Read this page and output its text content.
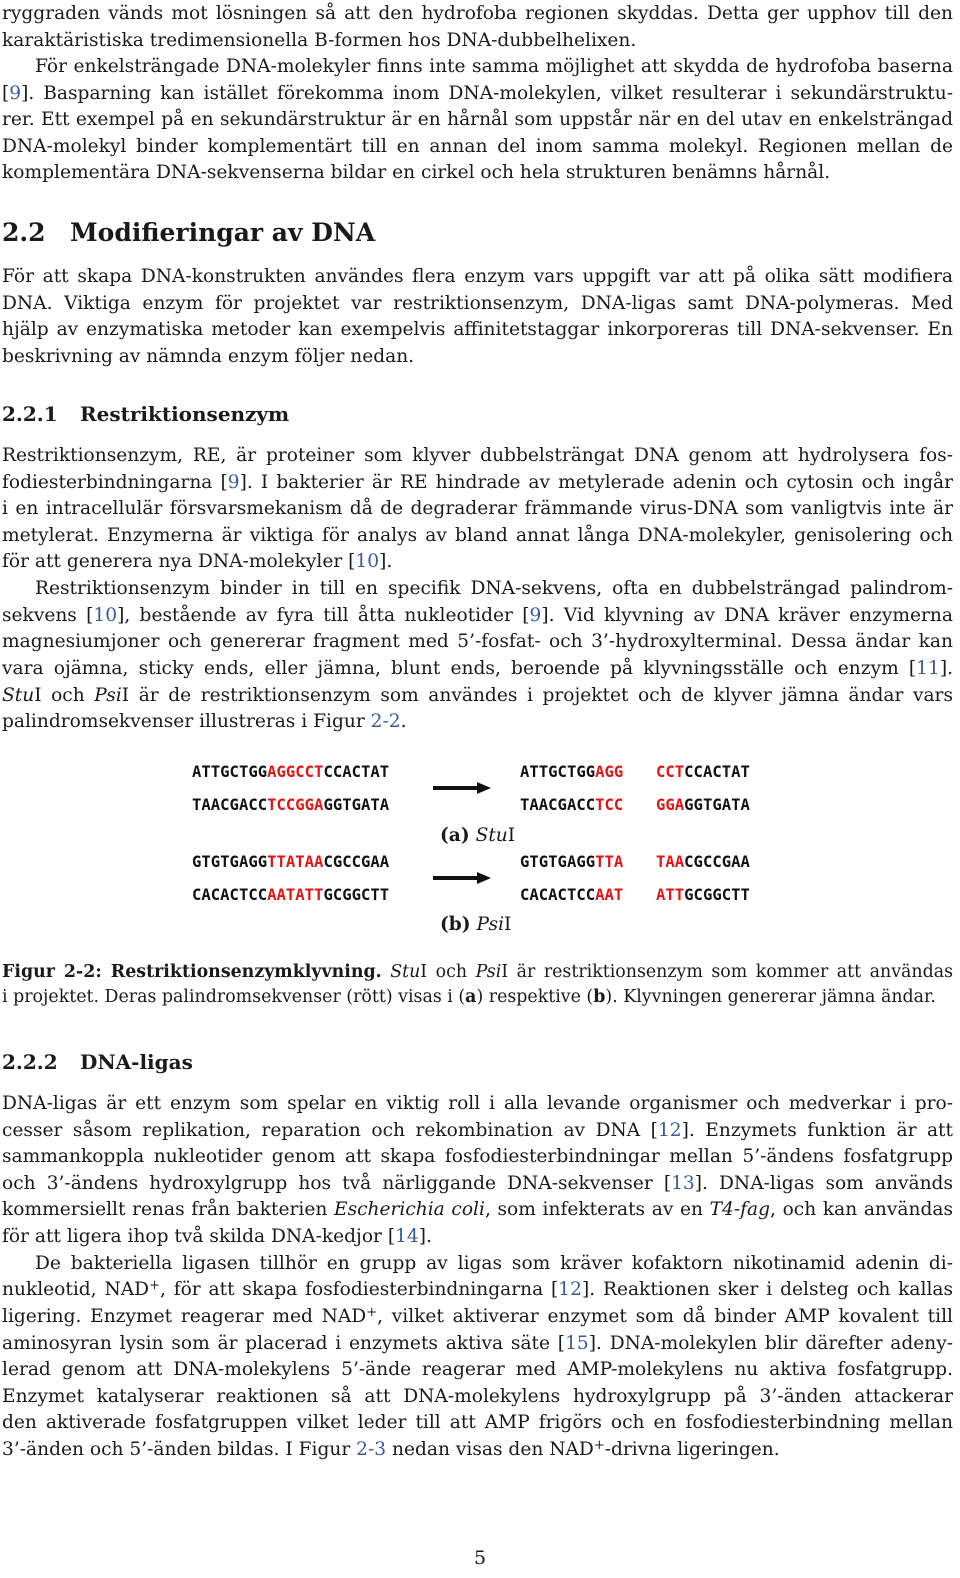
ryggraden vänds mot lösningen så att den hydrofoba regionen skyddas. Detta ger upphov till den
karaktäristiska tredimensionella B-formen hos DNA-dubbelhelixen.
För enkelsträngade DNA-molekyler finns inte samma möjlighet att skydda de hydrofoba baserna
[9]. Basparning kan istället förekomma inom DNA-molekylen, vilket resulterar i sekundärstruktu-
rer. Ett exempel på en sekundärstruktur är en hårnål som uppstår när en del utav en enkelsträngad
DNA-molekyl binder komplementärt till en annan del inom samma molekyl. Regionen mellan de
komplementära DNA-sekvenserna bildar en cirkel och hela strukturen benämns hårnål.
2.2 Modifieringar av DNA
För att skapa DNA-konstrukten användes flera enzym vars uppgift var att på olika sätt modifiera
DNA. Viktiga enzym för projektet var restriktionsenzym, DNA-ligas samt DNA-polymeras. Med
hjälp av enzymatiska metoder kan exempelvis affinitetstaggar inkorporeras till DNA-sekvenser. En
beskrivning av nämnda enzym följer nedan.
2.2.1 Restriktionsenzym
Restriktionsenzym, RE, är proteiner som klyver dubbelsträngat DNA genom att hydrolysera fos-
fodiesterbindningarna [9]. I bakterier är RE hindrade av metylerade adenin och cytosin och ingår
i en intracellulär försvarsmekanism då de degraderar främmande virus-DNA som vanligtvis inte är
metylerat. Enzymerna är viktiga för analys av bland annat långa DNA-molekyler, genisolering och
för att generera nya DNA-molekyler [10].
Restriktionsenzym binder in till en specifik DNA-sekvens, ofta en dubbelsträngad palindrom-
sekvens [10], bestående av fyra till åtta nukleotider [9]. Vid klyvning av DNA kräver enzymerna
magnesiumjoner och genererar fragment med 5’-fosfat- och 3’-hydroxylterminal. Dessa ändar kan
vara ojämna, sticky ends, eller jämna, blunt ends, beroende på klyvningsställe och enzym [11].
StuI och PsiI är de restriktionsenzym som användes i projektet och de klyver jämna ändar vars
palindromsekvenser illustreras i Figur 2-2.
ATTGCTGGAGGCCTCCACTAT
TAACGACCTCCGGAGGTGATA
ATTGCTGGAGG CCTCCACTAT
TAACGACCTCC GGAGGTGATA
(a) StuI
GTGTGAGGTTATAACGCCGAA
CACACTCCAATATTGCGGCTT
GTGTGAGGTTA TAACGCCGAA
CACACTCCAAT ATTGCGGCTT
(b) PsiI
Figur 2-2: Restriktionsenzymklyvning. StuI och PsiI är restriktionsenzym som kommer att användas
i projektet. Deras palindromsekvenser (rött) visas i (a) respektive (b). Klyvningen genererar jämna ändar.
2.2.2 DNA-ligas
DNA-ligas är ett enzym som spelar en viktig roll i alla levande organismer och medverkar i pro-
cesser såsom replikation, reparation och rekombination av DNA [12]. Enzymets funktion är att
sammankoppla nukleotider genom att skapa fosfodiesterbindningar mellan 5’-ändens fosfatgrupp
och 3’-ändens hydroxylgrupp hos två närliggande DNA-sekvenser [13]. DNA-ligas som används
kommersiellt renas från bakterien Escherichia coli, som infekterats av en T4-fag, och kan användas
för att ligera ihop två skilda DNA-kedjor [14].
De bakteriella ligasen tillhör en grupp av ligas som kräver kofaktorn nikotinamid adenin di-
nukleotid, NAD+, för att skapa fosfodiesterbindningarna [12]. Reaktionen sker i delsteg och kallas
ligering. Enzymet reagerar med NAD+, vilket aktiverar enzymet som då binder AMP kovalent till
aminosyran lysin som är placerad i enzymets aktiva säte [15]. DNA-molekylen blir därefter adeny-
lerad genom att DNA-molekylens 5’-ände reagerar med AMP-molekylens nu aktiva fosfatgrupp.
Enzymet katalyserar reaktionen så att DNA-molekylens hydroxylgrupp på 3’-änden attackerar
den aktiverade fosfatgruppen vilket leder till att AMP frigörs och en fosfodiesterbindning mellan
3’-änden och 5’-änden bildas. I Figur 2-3 nedan visas den NAD+-drivna ligeringen.
5
